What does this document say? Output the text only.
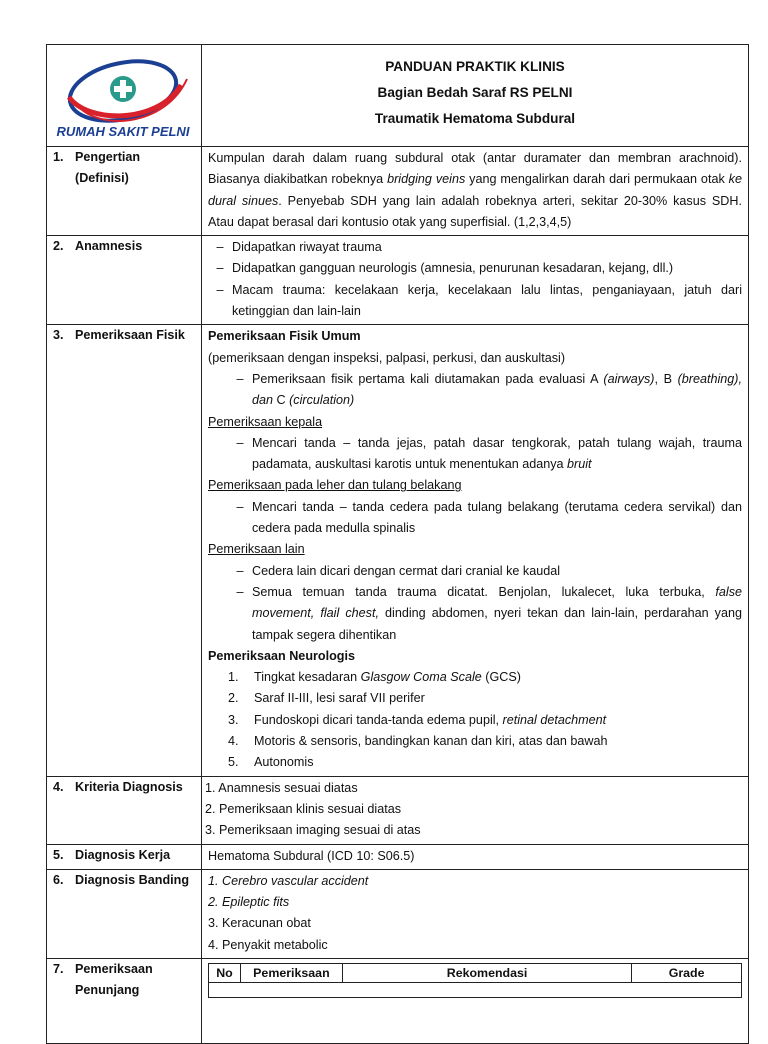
RUMAH SAKIT PELNI

PANDUAN PRAKTIK KLINIS
Bagian Bedah Saraf RS PELNI
Traumatik Hematoma Subdural

1. Pengertian
(Definisi)
	Kumpulan darah dalam ruang subdural otak (antar duramater dan membran arachnoid). Biasanya diakibatkan robeknya bridging veins yang mengalirkan darah dari permukaan otak ke dural sinues. Penyebab SDH yang lain adalah robeknya arteri, sekitar 20-30% kasus SDH. Atau dapat berasal dari kontusio otak yang superfisial. (1,2,3,4,5)
2. Anamnesis	– Didapatkan riwayat trauma
– Didapatkan gangguan neurologis (amnesia, penurunan kesadaran, kejang, dll.)
– Macam trauma: kecelakaan kerja, kecelakaan lalu lintas, penganiayaan, jatuh dari ketinggian dan lain-lain

3. Pemeriksaan Fisik	Pemeriksaan Fisik Umum
(pemeriksaan dengan inspeksi, palpasi, perkusi, dan auskultasi)
– Pemeriksaan fisik pertama kali diutamakan pada evaluasi A (airways), B (breathing), dan C (circulation)
Pemeriksaan kepala
– Mencari tanda – tanda jejas, patah dasar tengkorak, patah tulang wajah, trauma padamata, auskultasi karotis untuk menentukan adanya bruit
Pemeriksaan pada leher dan tulang belakang
– Mencari tanda – tanda cedera pada tulang belakang (terutama cedera servikal) dan cedera pada medulla spinalis
Pemeriksaan lain
– Cedera lain dicari dengan cermat dari cranial ke kaudal
– Semua temuan tanda trauma dicatat. Benjolan, lukalecet, luka terbuka, false movement, flail chest, dinding abdomen, nyeri tekan dan lain-lain, perdarahan yang tampak segera dihentikan
Pemeriksaan Neurologis
1.	Tingkat kesadaran Glasgow Coma Scale (GCS)
2.	Saraf II-III, lesi saraf VII perifer
3.	Fundoskopi dicari tanda-tanda edema pupil, retinal detachment
4.	Motoris & sensoris, bandingkan kanan dan kiri, atas dan bawah
5.	Autonomis

4. Kriteria Diagnosis	1. Anamnesis sesuai diatas
2. Pemeriksaan klinis sesuai diatas
3. Pemeriksaan imaging sesuai di atas

5. Diagnosis Kerja	Hematoma Subdural (ICD 10: S06.5)

6. Diagnosis Banding	1. Cerebro vascular accident
2. Epileptic fits
3. Keracunan obat
4. Penyakit metabolic

7. Pemeriksaan
Penunjang

No	Pemeriksaan	Rekomendasi	Grade
